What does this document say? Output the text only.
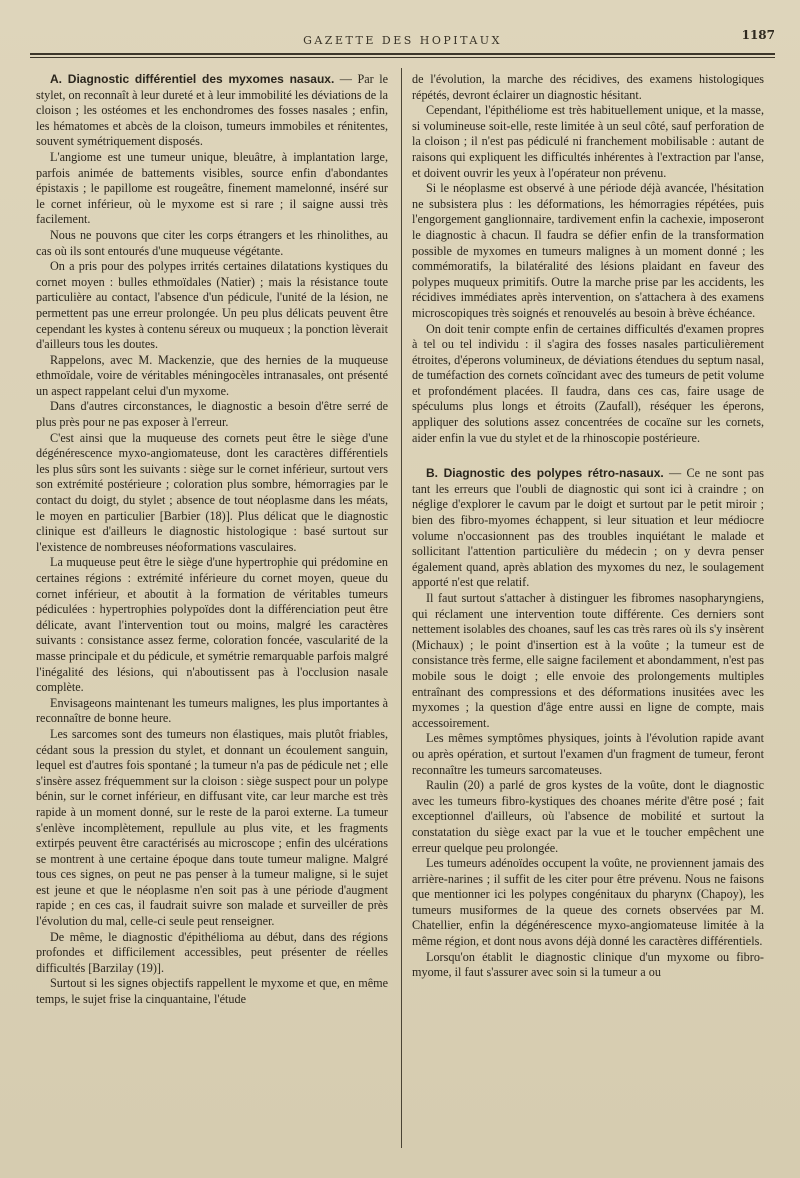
GAZETTE DES HOPITAUX	1187

A. Diagnostic différentiel des myxomes nasaux. — Par le stylet, on reconnaît à leur dureté et à leur immobilité les déviations de la cloison ; les ostéomes et les enchondromes des fosses nasales ; enfin, les hématomes et abcès de la cloison, tumeurs immobiles et rénitentes, souvent symétriquement disposés.

L'angiome est une tumeur unique, bleuâtre, à implantation large, parfois animée de battements visibles, source enfin d'abondantes épistaxis ; le papillome est rougeâtre, finement mamelonné, inséré sur le cornet inférieur, où le myxome est si rare ; il saigne aussi très facilement.

Nous ne pouvons que citer les corps étrangers et les rhinolithes, au cas où ils sont entourés d'une muqueuse végétante.

On a pris pour des polypes irrités certaines dilatations kystiques du cornet moyen : bulles ethmoïdales (Natier) ; mais la résistance toute particulière au contact, l'absence d'un pédicule, l'unité de la lésion, ne permettent pas une erreur prolongée. Un peu plus délicats peuvent être cependant les kystes à contenu séreux ou muqueux ; la ponction lèverait d'ailleurs tous les doutes.

Rappelons, avec M. Mackenzie, que des hernies de la muqueuse ethmoïdale, voire de véritables méningocèles intranasales, ont présenté un aspect rappelant celui d'un myxome.

Dans d'autres circonstances, le diagnostic a besoin d'être serré de plus près pour ne pas exposer à l'erreur.

C'est ainsi que la muqueuse des cornets peut être le siège d'une dégénérescence myxo-angiomateuse, dont les caractères différentiels les plus sûrs sont les suivants : siège sur le cornet inférieur, surtout vers son extrémité postérieure ; coloration plus sombre, hémorragies par le contact du doigt, du stylet ; absence de tout néoplasme dans les méats, le moyen en particulier [Barbier (18)]. Plus délicat que le diagnostic clinique est d'ailleurs le diagnostic histologique : basé surtout sur l'existence de nombreuses néoformations vasculaires.

La muqueuse peut être le siège d'une hypertrophie qui prédomine en certaines régions : extrémité inférieure du cornet moyen, queue du cornet inférieur, et aboutit à la formation de véritables tumeurs pédiculées : hypertrophies polypoïdes dont la différenciation peut être délicate, avant l'intervention tout ou moins, malgré les caractères suivants : consistance assez ferme, coloration foncée, vascularité de la masse principale et du pédicule, et symétrie remarquable parfois malgré l'inégalité des lésions, qui n'aboutissent pas à l'occlusion nasale complète.

Envisageons maintenant les tumeurs malignes, les plus importantes à reconnaître de bonne heure.

Les sarcomes sont des tumeurs non élastiques, mais plutôt friables, cédant sous la pression du stylet, et donnant un écoulement sanguin, lequel est d'autres fois spontané ; la tumeur n'a pas de pédicule net ; elle s'insère assez fréquemment sur la cloison : siège suspect pour un polype bénin, sur le cornet inférieur, en diffusant vite, car leur marche est très rapide à un moment donné, sur le reste de la paroi externe. La tumeur s'enlève incomplètement, repullule au plus vite, et les fragments extirpés peuvent être caractérisés au microscope ; enfin des ulcérations se montrent à une certaine époque dans toute tumeur maligne. Malgré tous ces signes, on peut ne pas penser à la tumeur maligne, si le sujet est jeune et que le néoplasme n'en soit pas à une période d'augment rapide ; en ces cas, il faudrait suivre son malade et surveiller de près l'évolution du mal, celle-ci seule peut renseigner.

De même, le diagnostic d'épithélioma au début, dans des régions profondes et difficilement accessibles, peut présenter de réelles difficultés [Barzilay (19)].

Surtout si les signes objectifs rappellent le myxome et que, en même temps, le sujet frise la cinquantaine, l'étude

de l'évolution, la marche des récidives, des examens histologiques répétés, devront éclairer un diagnostic hésitant.

Cependant, l'épithéliome est très habituellement unique, et la masse, si volumineuse soit-elle, reste limitée à un seul côté, sauf perforation de la cloison ; il n'est pas pédiculé ni franchement mobilisable : autant de raisons qui expliquent les difficultés inhérentes à l'extraction par l'anse, et doivent ouvrir les yeux à l'opérateur non prévenu.

Si le néoplasme est observé à une période déjà avancée, l'hésitation ne subsistera plus : les déformations, les hémorragies répétées, puis l'engorgement ganglionnaire, tardivement enfin la cachexie, imposeront le diagnostic à chacun. Il faudra se défier enfin de la transformation possible de myxomes en tumeurs malignes à un moment donné ; les commémoratifs, la bilatéralité des lésions plaidant en faveur des polypes muqueux primitifs. Outre la marche prise par les accidents, les récidives immédiates après intervention, on s'attachera à des examens microscopiques très soignés et renouvelés au besoin à brève échéance.

On doit tenir compte enfin de certaines difficultés d'examen propres à tel ou tel individu : il s'agira des fosses nasales particulièrement étroites, d'éperons volumineux, de déviations étendues du septum nasal, de tuméfaction des cornets coïncidant avec des tumeurs de petit volume et profondément placées. Il faudra, dans ces cas, faire usage de spéculums plus longs et étroits (Zaufall), réséquer les éperons, appliquer des solutions assez concentrées de cocaïne sur les cornets, aider enfin la vue du stylet et de la rhinoscopie postérieure.

B. Diagnostic des polypes rétro-nasaux. — Ce ne sont pas tant les erreurs que l'oubli de diagnostic qui sont ici à craindre ; on néglige d'explorer le cavum par le doigt et surtout par le petit miroir ; bien des fibro-myomes échappent, si leur situation et leur médiocre volume n'occasionnent pas des troubles inquiétant le malade et sollicitant l'attention particulière du médecin ; on y devra penser également quand, après ablation des myxomes du nez, le soulagement apporté n'est que relatif.

Il faut surtout s'attacher à distinguer les fibromes nasopharyngiens, qui réclament une intervention toute différente. Ces derniers sont nettement isolables des choanes, sauf les cas très rares où ils s'y insèrent (Michaux) ; le point d'insertion est à la voûte ; la tumeur est de consistance très ferme, elle saigne facilement et abondamment, n'est pas mobile sous le doigt ; elle envoie des prolongements multiples entraînant des compressions et des déformations inusitées avec les myxomes ; la question d'âge entre aussi en ligne de compte, mais accessoirement.

Les mêmes symptômes physiques, joints à l'évolution rapide avant ou après opération, et surtout l'examen d'un fragment de tumeur, feront reconnaître les tumeurs sarcomateuses.

Raulin (20) a parlé de gros kystes de la voûte, dont le diagnostic avec les tumeurs fibro-kystiques des choanes mérite d'être posé ; fait exceptionnel d'ailleurs, où l'absence de mobilité et surtout la constatation du siège exact par la vue et le toucher empêchent une erreur quelque peu prolongée.

Les tumeurs adénoïdes occupent la voûte, ne proviennent jamais des arrière-narines ; il suffit de les citer pour être prévenu. Nous ne faisons que mentionner ici les polypes congénitaux du pharynx (Chapoy), les tumeurs musiformes de la queue des cornets observées par M. Chatellier, enfin la dégénérescence myxo-angiomateuse limitée à la même région, et dont nous avons déjà donné les caractères différentiels.

Lorsqu'on établit le diagnostic clinique d'un myxome ou fibro-myome, il faut s'assurer avec soin si la tumeur a ou
